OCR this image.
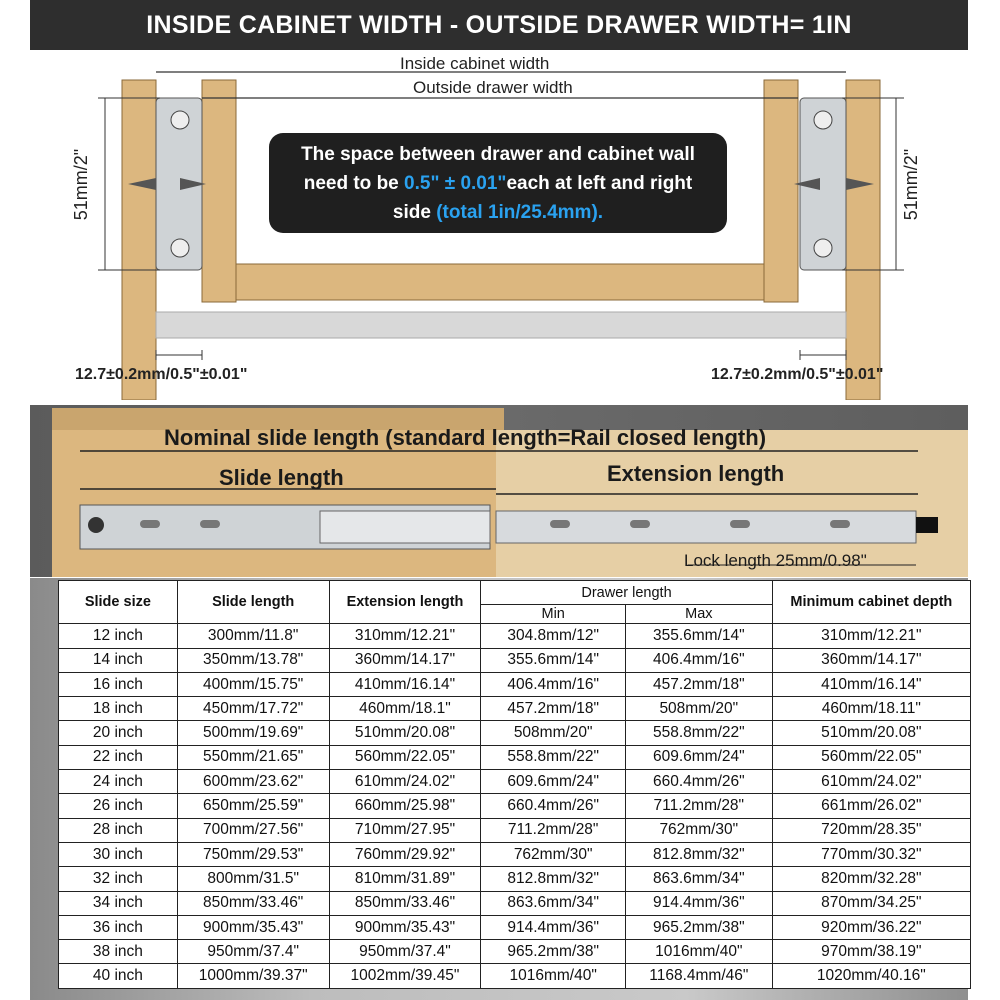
INSIDE CABINET WIDTH - OUTSIDE DRAWER WIDTH= 1IN
Inside cabinet width
Outside drawer width
The space between drawer and cabinet wall
need to be 0.5" ± 0.01"each at left and right
side (total 1in/25.4mm).
51mm/2"	51mm/2"
12.7±0.2mm/0.5"±0.01"	12.7±0.2mm/0.5"±0.01"
Nominal slide length (standard length=Rail closed length)
Slide length	Extension length
Lock length 25mm/0.98"
Slide size	Slide length	Extension length	Drawer length		Minimum cabinet depth
			Min	Max	
12 inch	300mm/11.8"	310mm/12.21"	304.8mm/12"	355.6mm/14"	310mm/12.21"
14 inch	350mm/13.78"	360mm/14.17"	355.6mm/14"	406.4mm/16"	360mm/14.17"
16 inch	400mm/15.75"	410mm/16.14"	406.4mm/16"	457.2mm/18"	410mm/16.14"
18 inch	450mm/17.72"	460mm/18.1"	457.2mm/18"	508mm/20"	460mm/18.11"
20 inch	500mm/19.69"	510mm/20.08"	508mm/20"	558.8mm/22"	510mm/20.08"
22 inch	550mm/21.65"	560mm/22.05"	558.8mm/22"	609.6mm/24"	560mm/22.05"
24 inch	600mm/23.62"	610mm/24.02"	609.6mm/24"	660.4mm/26"	610mm/24.02"
26 inch	650mm/25.59"	660mm/25.98"	660.4mm/26"	711.2mm/28"	661mm/26.02"
28 inch	700mm/27.56"	710mm/27.95"	711.2mm/28"	762mm/30"	720mm/28.35"
30 inch	750mm/29.53"	760mm/29.92"	762mm/30"	812.8mm/32"	770mm/30.32"
32 inch	800mm/31.5"	810mm/31.89"	812.8mm/32"	863.6mm/34"	820mm/32.28"
34 inch	850mm/33.46"	850mm/33.46"	863.6mm/34"	914.4mm/36"	870mm/34.25"
36 inch	900mm/35.43"	900mm/35.43"	914.4mm/36"	965.2mm/38"	920mm/36.22"
38 inch	950mm/37.4"	950mm/37.4"	965.2mm/38"	1016mm/40"	970mm/38.19"
40 inch	1000mm/39.37"	1002mm/39.45"	1016mm/40"	1168.4mm/46"	1020mm/40.16"
